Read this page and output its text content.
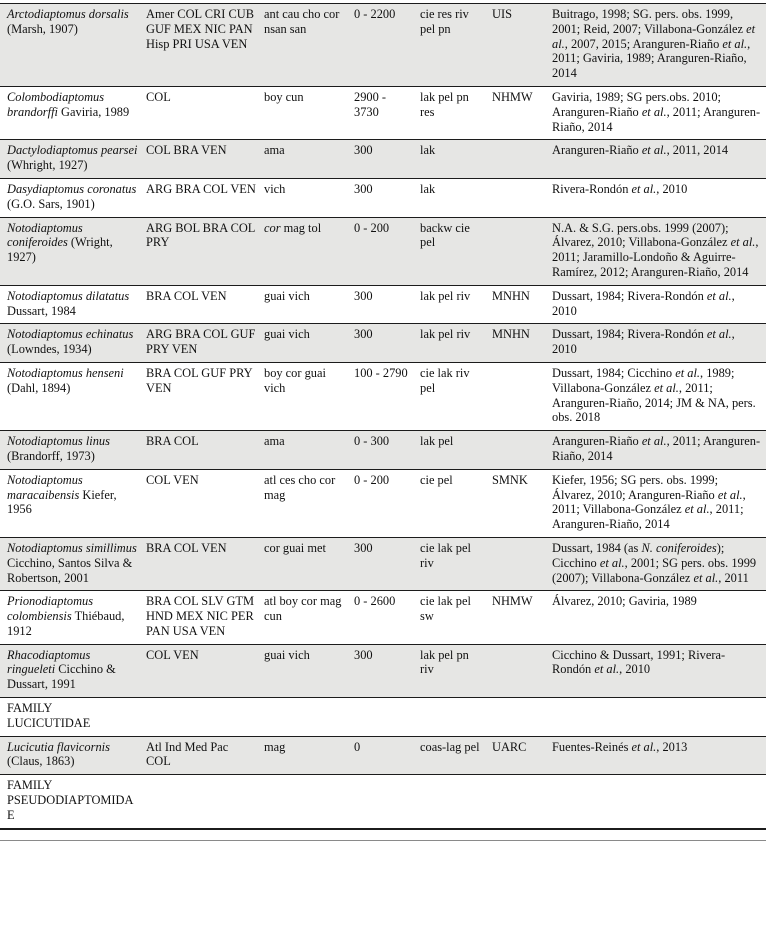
Arctodiaptomus dorsalis (Marsh, 1907)	Amer COL CRI CUB GUF MEX NIC PAN Hisp PRI USA VEN	ant cau cho cor nsan san	0 - 2200	cie res riv pel pn	UIS	Buitrago, 1998; SG. pers. obs. 1999, 2001; Reid, 2007; Villabona-González et al., 2007, 2015; Aranguren-Riaño et al., 2011; Gaviria, 1989; Aranguren-Riaño, 2014
Colombodiaptomus brandorffi Gaviria, 1989	COL	boy cun	2900 - 3730	lak pel pn res	NHMW	Gaviria, 1989; SG pers.obs. 2010; Aranguren-Riaño et al., 2011; Aranguren-Riaño, 2014
Dactylodiaptomus pearsei (Whright, 1927)	COL BRA VEN	ama	300	lak		Aranguren-Riaño et al., 2011, 2014
Dasydiaptomus coronatus (G.O. Sars, 1901)	ARG BRA COL VEN	vich	300	lak		Rivera-Rondón et al., 2010
Notodiaptomus coniferoides (Wright, 1927)	ARG BOL BRA COL PRY	cor mag tol	0 - 200	backw cie pel		N.A. & S.G. pers.obs. 1999 (2007); Álvarez, 2010; Villabona-González et al., 2011; Jaramillo-Londoño & Aguirre-Ramírez, 2012; Aranguren-Riaño, 2014
Notodiaptomus dilatatus Dussart, 1984	BRA COL VEN	guai vich	300	lak pel riv	MNHN	Dussart, 1984; Rivera-Rondón et al., 2010
Notodiaptomus echinatus (Lowndes, 1934)	ARG BRA COL GUF PRY VEN	guai vich	300	lak pel riv	MNHN	Dussart, 1984; Rivera-Rondón et al., 2010
Notodiaptomus henseni (Dahl, 1894)	BRA COL GUF PRY VEN	boy cor guai vich	100 - 2790	cie lak riv pel		Dussart, 1984; Cicchino et al., 1989; Villabona-González et al., 2011; Aranguren-Riaño, 2014; JM & NA, pers. obs. 2018
Notodiaptomus linus (Brandorff, 1973)	BRA COL	ama	0 - 300	lak pel		Aranguren-Riaño et al., 2011; Aranguren-Riaño, 2014
Notodiaptomus maracaibensis Kiefer, 1956	COL VEN	atl ces cho cor mag	0 - 200	cie pel	SMNK	Kiefer, 1956; SG pers. obs. 1999; Álvarez, 2010; Aranguren-Riaño et al., 2011; Villabona-González et al., 2011; Aranguren-Riaño, 2014
Notodiaptomus simillimus Cicchino, Santos Silva & Robertson, 2001	BRA COL VEN	cor guai met	300	cie lak pel riv		Dussart, 1984 (as N. coniferoides); Cicchino et al., 2001; SG pers. obs. 1999 (2007); Villabona-González et al., 2011
Prionodiaptomus colombiensis Thiébaud, 1912	BRA COL SLV GTM HND MEX NIC PER PAN USA VEN	atl boy cor mag cun	0 - 2600	cie lak pel sw	NHMW	Álvarez, 2010; Gaviria, 1989
Rhacodiaptomus ringueleti Cicchino & Dussart, 1991	COL VEN	guai vich	300	lak pel pn riv		Cicchino & Dussart, 1991; Rivera-Rondón et al., 2010
FAMILY LUCICUTIDAE						
Lucicutia flavicornis (Claus, 1863)	Atl Ind Med Pac COL	mag	0	coas-lag pel	UARC	Fuentes-Reinés et al., 2013
FAMILY PSEUDODIAPTOMIDAE						
